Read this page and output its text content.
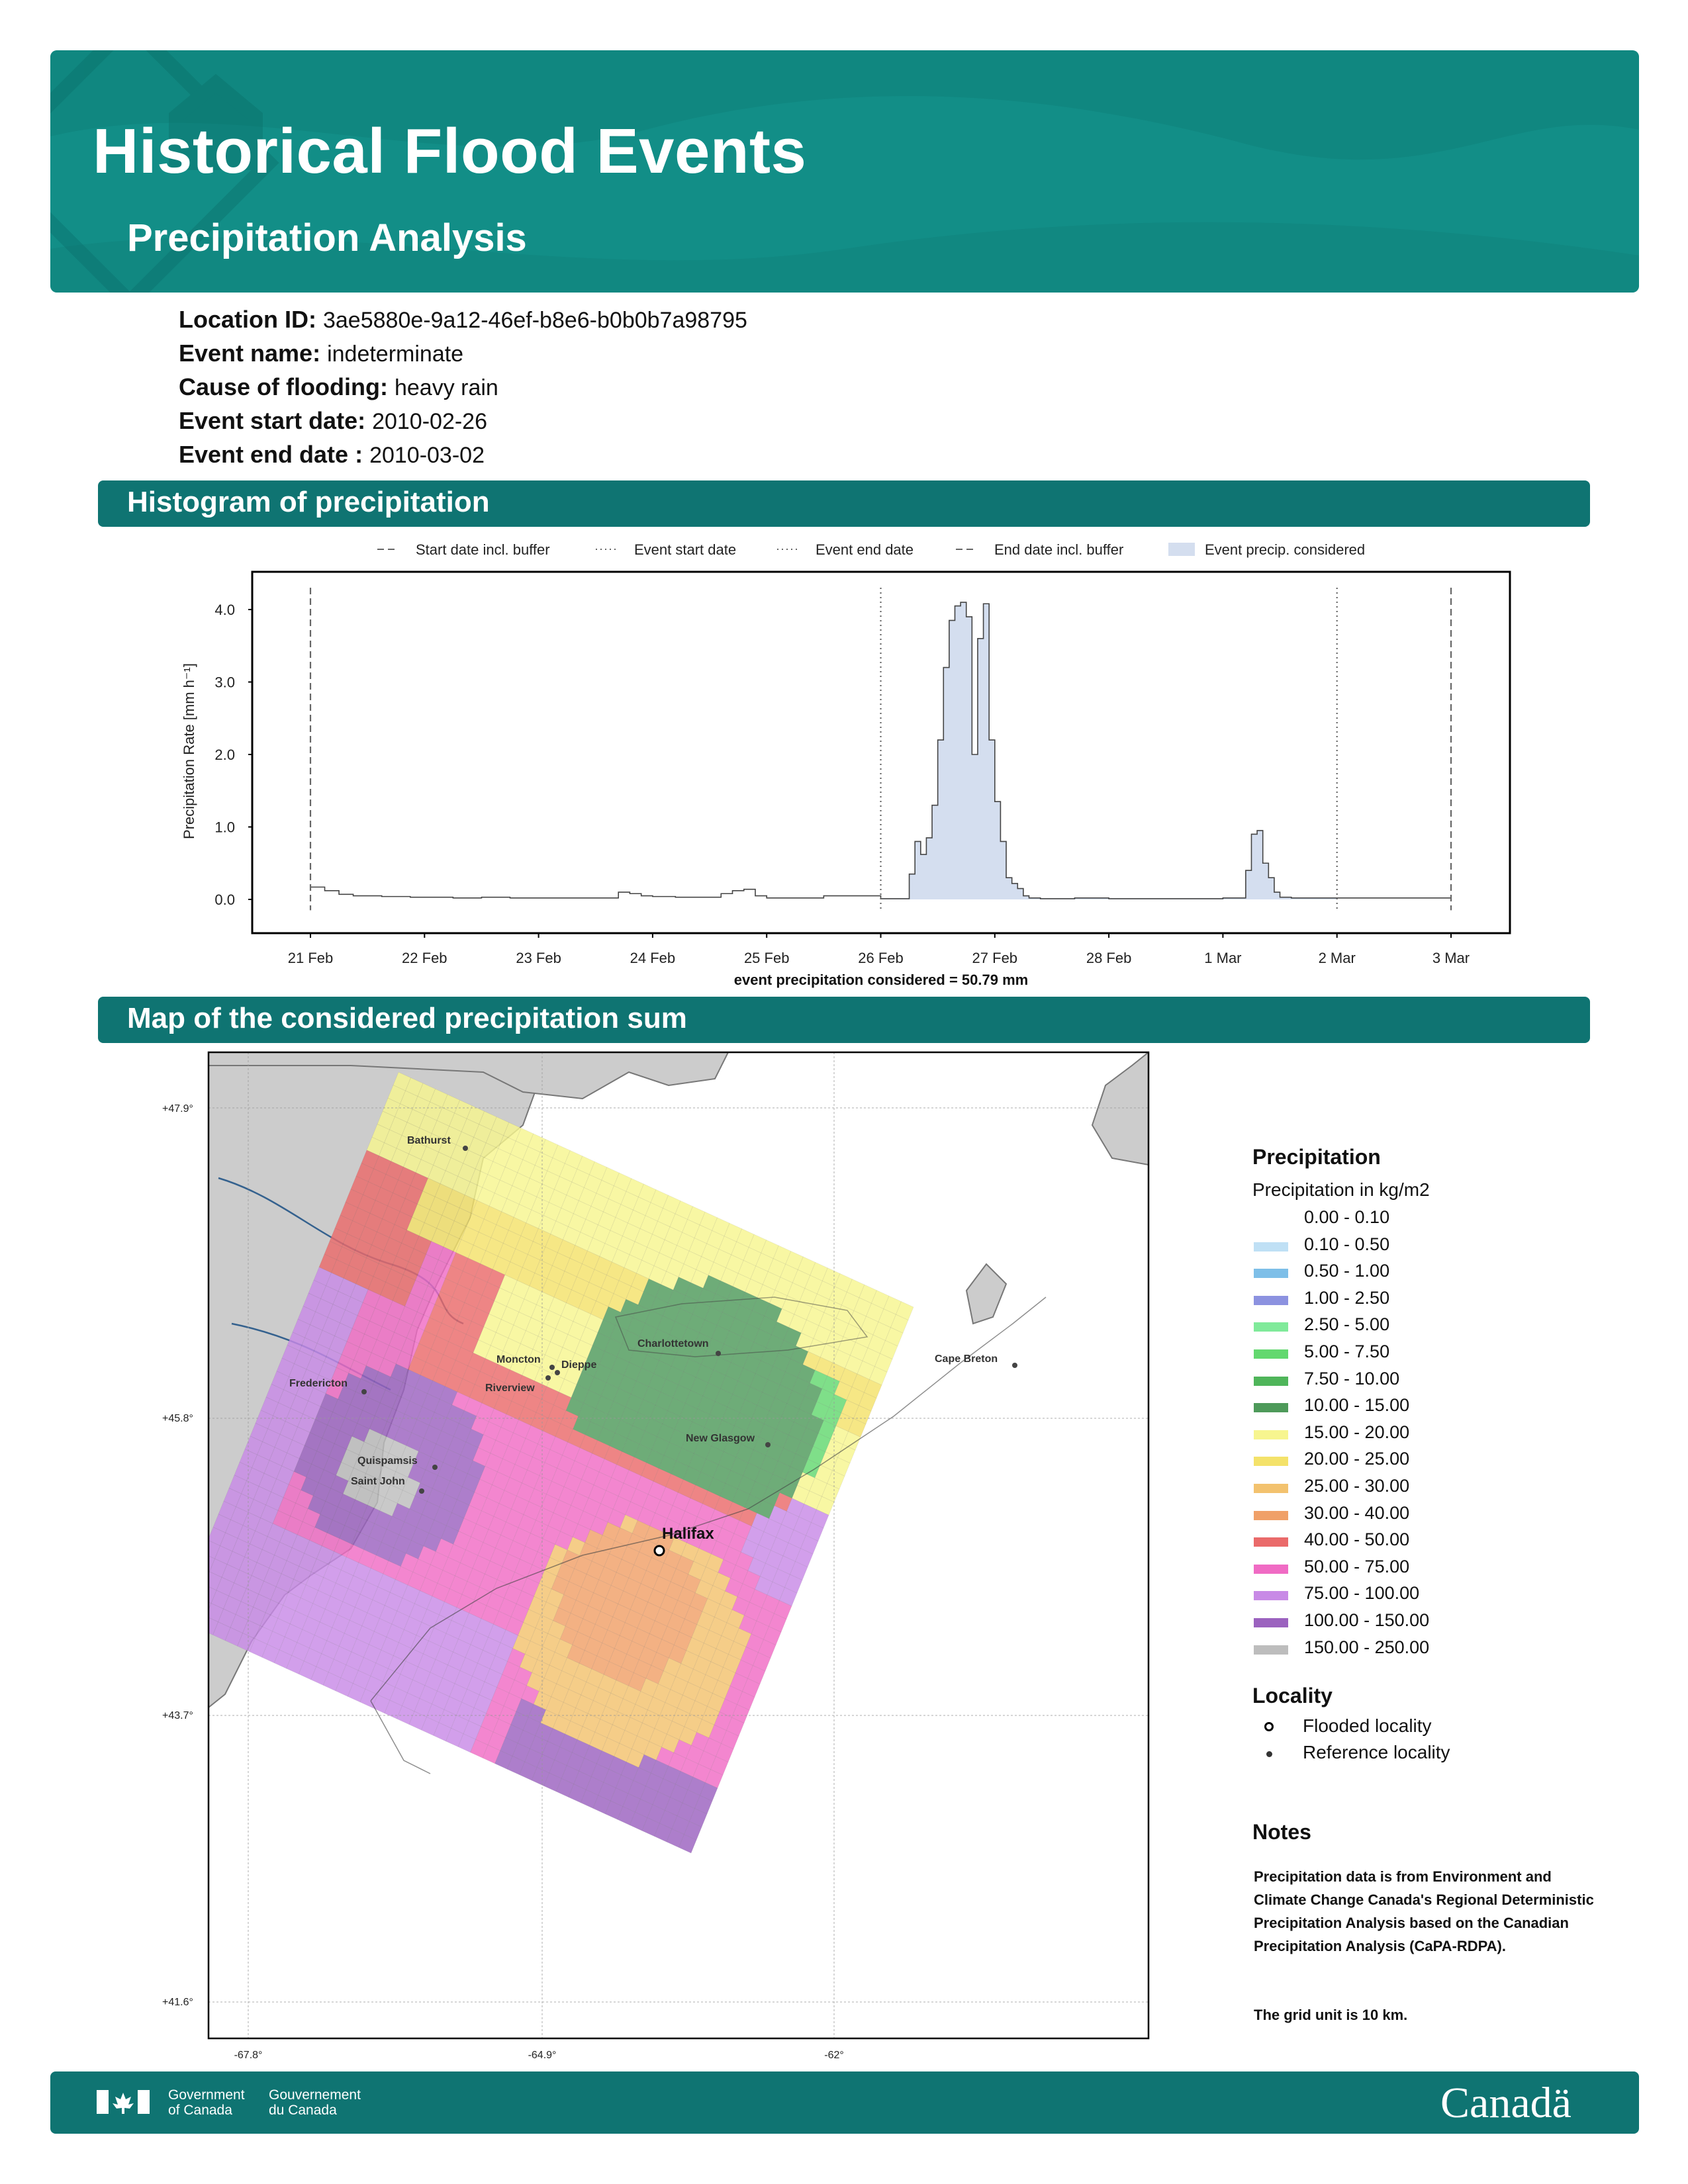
Historical Flood Events
Precipitation Analysis
Location ID: 3ae5880e-9a12-46ef-b8e6-b0b0b7a98795
Event name: indeterminate
Cause of flooding: heavy rain
Event start date: 2010-02-26
Event end date : 2010-03-02
Histogram of precipitation
Start date incl. buffer	Event start date	Event end date	End date incl. buffer	Event precip. considered
0.0
1.0
2.0
3.0
4.0
21 Feb	22 Feb	23 Feb	24 Feb	25 Feb	26 Feb	27 Feb	28 Feb	1 Mar	2 Mar	3 Mar
Precipitation Rate [mm h⁻¹]
event precipitation considered = 50.79 mm
Map of the considered precipitation sum
Bathurst
Charlottetown
Cape Breton
Moncton Dieppe
Riverview
Fredericton
New Glasgow
Quispamsis
Saint John
Halifax
+47.9°
+45.8°
+43.7°
+41.6°
-67.8°	-64.9°	-62°
Precipitation
Precipitation in kg/m2
0.00 - 0.10
0.10 - 0.50
0.50 - 1.00
1.00 - 2.50
2.50 - 5.00
5.00 - 7.50
7.50 - 10.00
10.00 - 15.00
15.00 - 20.00
20.00 - 25.00
25.00 - 30.00
30.00 - 40.00
40.00 - 50.00
50.00 - 75.00
75.00 - 100.00
100.00 - 150.00
150.00 - 250.00
Locality
Flooded locality
Reference locality
Notes
Precipitation data is from Environment and Climate Change Canada's Regional Deterministic Precipitation Analysis based on the Canadian Precipitation Analysis (CaPA-RDPA).
The grid unit is 10 km.
Government
of Canada
Gouvernement
du Canada	Canadä
